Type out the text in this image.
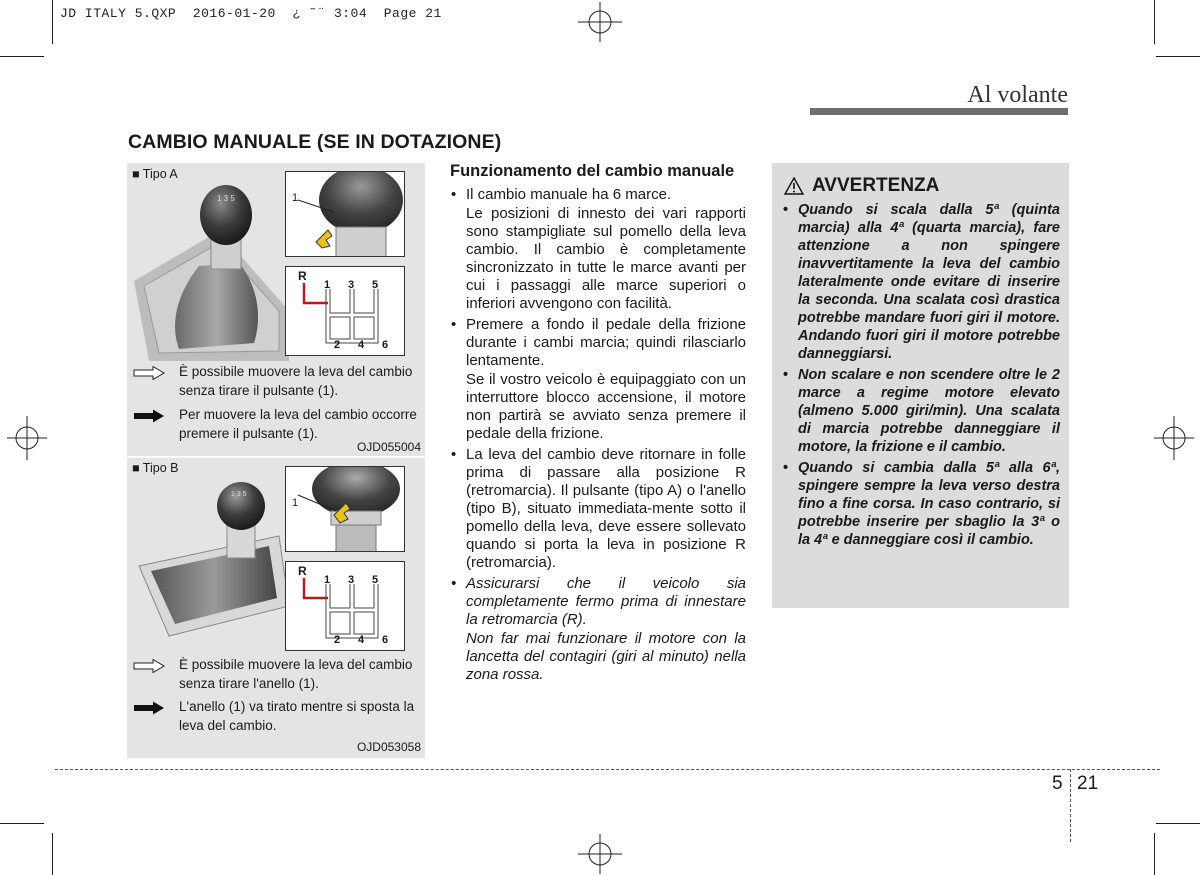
JD ITALY 5.QXP  2016-01-20  ¿ ˜¨ 3:04  Page 21
Al volante
CAMBIO MANUALE (SE IN DOTAZIONE)
■ Tipo A
1 3 5	1
R
1 3 5
2 4 6
È possibile muovere la leva del cambio senza tirare il pulsante (1).
Per muovere la leva del cambio occorre premere il pulsante (1).
OJD055004
■ Tipo B
1 3 5
1
R
1 3 5
2 4 6
È possibile muovere la leva del cambio senza tirare l'anello (1).
L'anello (1) va tirato mentre si sposta la leva del cambio.
OJD053058
Funzionamento del cambio manuale

• Il cambio manuale ha 6 marce.

Le posizioni di innesto dei vari rapporti sono stampigliate sul pomello della leva cambio. Il cambio è completamente sincronizzato in tutte le marce avanti per cui i passaggi alle marce superiori o inferiori avvengono con facilità.

• Premere a fondo il pedale della frizione durante i cambi marcia; quindi rilasciarlo lentamente.

Se il vostro veicolo è equipaggiato con un interruttore blocco accensione, il motore non partirà se avviato senza premere il pedale della frizione.

• La leva del cambio deve ritornare in folle prima di passare alla posizione R (retromarcia). Il pulsante (tipo A) o l'anello (tipo B), situato immediata-mente sotto il pomello della leva, deve essere sollevato quando si porta la leva in posizione R (retromarcia).

• Assicurarsi che il veicolo sia completamente fermo prima di innestare la retromarcia (R).

Non far mai funzionare il motore con la lancetta del contagiri (giri al minuto) nella zona rossa.

AVVERTENZA
• Quando si scala dalla 5ª (quinta marcia) alla 4ª (quarta marcia), fare attenzione a non spingere inavvertitamente la leva del cambio lateralmente onde evitare di inserire la seconda. Una scalata così drastica potrebbe mandare fuori giri il motore. Andando fuori giri il motore potrebbe danneggiarsi.
• Non scalare e non scendere oltre le 2 marce a regime motore elevato (almeno 5.000 giri/min). Una scalata di marcia potrebbe danneggiare il motore, la frizione e il cambio.
• Quando si cambia dalla 5ª alla 6ª, spingere sempre la leva verso destra fino a fine corsa. In caso contrario, si potrebbe inserire per sbaglio la 3ª o la 4ª e danneggiare così il cambio.
5 21
